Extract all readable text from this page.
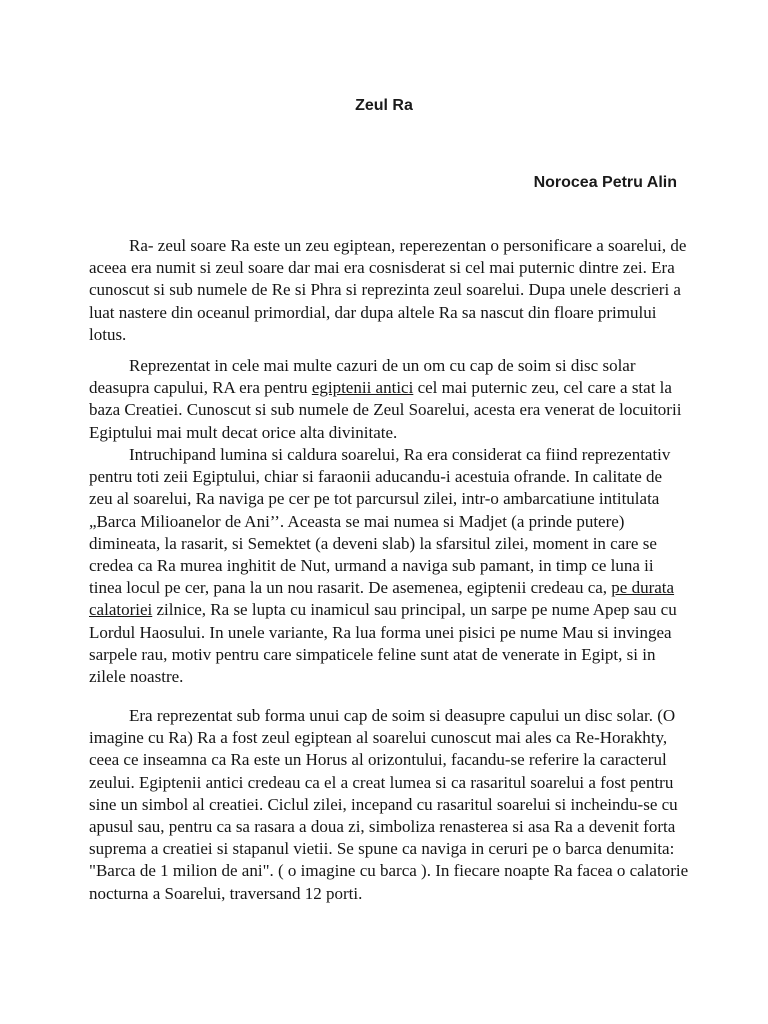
Zeul Ra
Norocea Petru Alin

Ra- zeul soare Ra este un zeu egiptean, reperezentan o personificare a soarelui, de aceea era numit si zeul soare dar mai era cosnisderat si cel mai puternic dintre zei. Era cunoscut si sub numele de Re si Phra si reprezinta zeul soarelui. Dupa unele descrieri a luat nastere din oceanul primordial, dar dupa altele Ra sa nascut din floare primului lotus.

Reprezentat in cele mai multe cazuri de un om cu cap de soim si disc solar deasupra capului, RA era pentru egiptenii antici cel mai puternic zeu, cel care a stat la baza Creatiei. Cunoscut si sub numele de Zeul Soarelui, acesta era venerat de locuitorii Egiptului mai mult decat orice alta divinitate.

Intruchipand lumina si caldura soarelui, Ra era considerat ca fiind reprezentativ pentru toti zeii Egiptului, chiar si faraonii aducandu-i acestuia ofrande. In calitate de zeu al soarelui, Ra naviga pe cer pe tot parcursul zilei, intr-o ambarcatiune intitulata „Barca Milioanelor de Ani’’. Aceasta se mai numea si Madjet (a prinde putere) dimineata, la rasarit, si Semektet (a deveni slab) la sfarsitul zilei, moment in care se credea ca Ra murea inghitit de Nut, urmand a naviga sub pamant, in timp ce luna ii tinea locul pe cer, pana la un nou rasarit. De asemenea, egiptenii credeau ca, pe durata calatoriei zilnice, Ra se lupta cu inamicul sau principal, un sarpe pe nume Apep sau cu Lordul Haosului. In unele variante, Ra lua forma unei pisici pe nume Mau si invingea sarpele rau, motiv pentru care simpaticele feline sunt atat de venerate in Egipt, si in zilele noastre.

Era reprezentat sub forma unui cap de soim si deasupre capului un disc solar. (O imagine cu Ra) Ra a fost zeul egiptean al soarelui cunoscut mai ales ca Re-Horakhty, ceea ce inseamna ca Ra este un Horus al orizontului, facandu-se referire la caracterul zeului. Egiptenii antici credeau ca el a creat lumea si ca rasaritul soarelui a fost pentru sine un simbol al creatiei. Ciclul zilei, incepand cu rasaritul soarelui si incheindu-se cu apusul sau, pentru ca sa rasara a doua zi, simboliza renasterea si asa Ra a devenit forta suprema a creatiei si stapanul vietii. Se spune ca naviga in ceruri pe o barca denumita: "Barca de 1 milion de ani". ( o imagine cu barca ). In fiecare noapte Ra facea o calatorie nocturna a Soarelui, traversand 12 porti.
